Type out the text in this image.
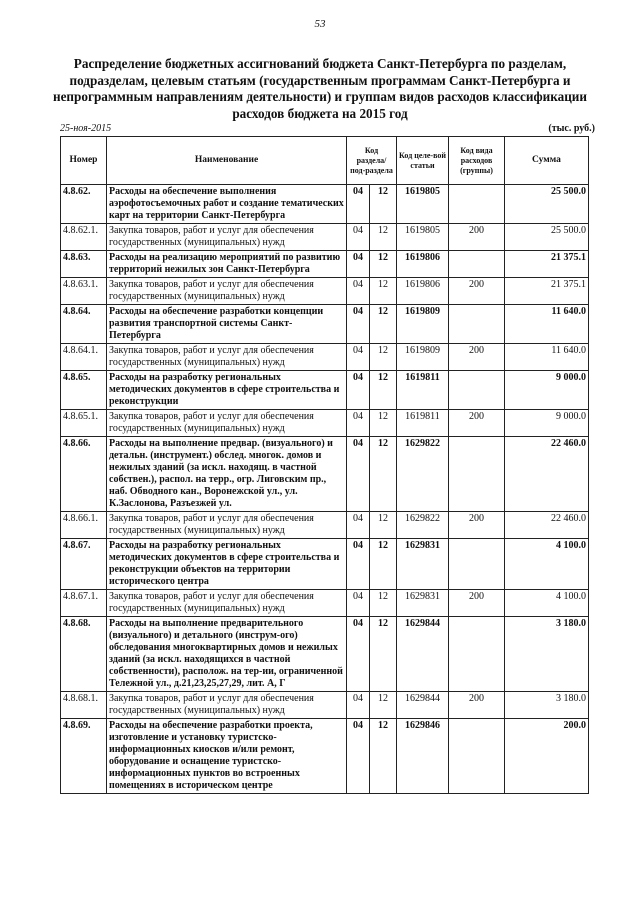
53
Распределение бюджетных ассигнований бюджета Санкт-Петербурга по разделам, подразделам, целевым статьям (государственным программам Санкт-Петербурга и непрограммным направлениям деятельности) и группам видов расходов классификации расходов бюджета на 2015 год
25-ноя-2015	(тыс. руб.)
Номер	Наименование	Код раздела/ под-раздела		Код целе-вой статьи	Код вида расходов (группы)	Сумма
4.8.62.	Расходы на обеспечение выполнения аэрофотосъемочных работ и создание тематических карт на территории Санкт-Петербурга	04	12	1619805		25 500.0
4.8.62.1.	Закупка товаров, работ и услуг для обеспечения государственных (муниципальных) нужд	04	12	1619805	200	25 500.0
4.8.63.	Расходы на реализацию мероприятий по развитию территорий нежилых зон Санкт-Петербурга	04	12	1619806		21 375.1
4.8.63.1.	Закупка товаров, работ и услуг для обеспечения государственных (муниципальных) нужд	04	12	1619806	200	21 375.1
4.8.64.	Расходы на обеспечение разработки концепции развития транспортной системы Санкт-Петербурга	04	12	1619809		11 640.0
4.8.64.1.	Закупка товаров, работ и услуг для обеспечения государственных (муниципальных) нужд	04	12	1619809	200	11 640.0
4.8.65.	Расходы на разработку региональных методических документов в сфере строительства и реконструкции	04	12	1619811		9 000.0
4.8.65.1.	Закупка товаров, работ и услуг для обеспечения государственных (муниципальных) нужд	04	12	1619811	200	9 000.0
4.8.66.	Расходы на выполнение предвар. (визуального) и детальн. (инструмент.) обслед. многок. домов и нежилых зданий (за искл. находящ. в частной собствен.), распол. на терр., огр. Лиговским пр., наб. Обводного кан., Воронежской ул., ул. К.Заслонова, Разъезжей ул.	04	12	1629822		22 460.0
4.8.66.1.	Закупка товаров, работ и услуг для обеспечения государственных (муниципальных) нужд	04	12	1629822	200	22 460.0
4.8.67.	Расходы на разработку региональных методических документов в сфере строительства и реконструкции объектов на территории исторического центра	04	12	1629831		4 100.0
4.8.67.1.	Закупка товаров, работ и услуг для обеспечения государственных (муниципальных) нужд	04	12	1629831	200	4 100.0
4.8.68.	Расходы на выполнение предварительного (визуального) и детального (инструм-ого) обследования многоквартирных домов и нежилых зданий (за искл. находящихся в частной собственности), располож. на тер-ии, ограниченной Тележной ул., д.21,23,25,27,29, лит. А, Г	04	12	1629844		3 180.0
4.8.68.1.	Закупка товаров, работ и услуг для обеспечения государственных (муниципальных) нужд	04	12	1629844	200	3 180.0
4.8.69.	Расходы на обеспечение разработки проекта, изготовление и установку туристско-информационных киосков и/или ремонт, оборудование и оснащение туристско-информационных пунктов во встроенных помещениях в историческом центре	04	12	1629846		200.0
